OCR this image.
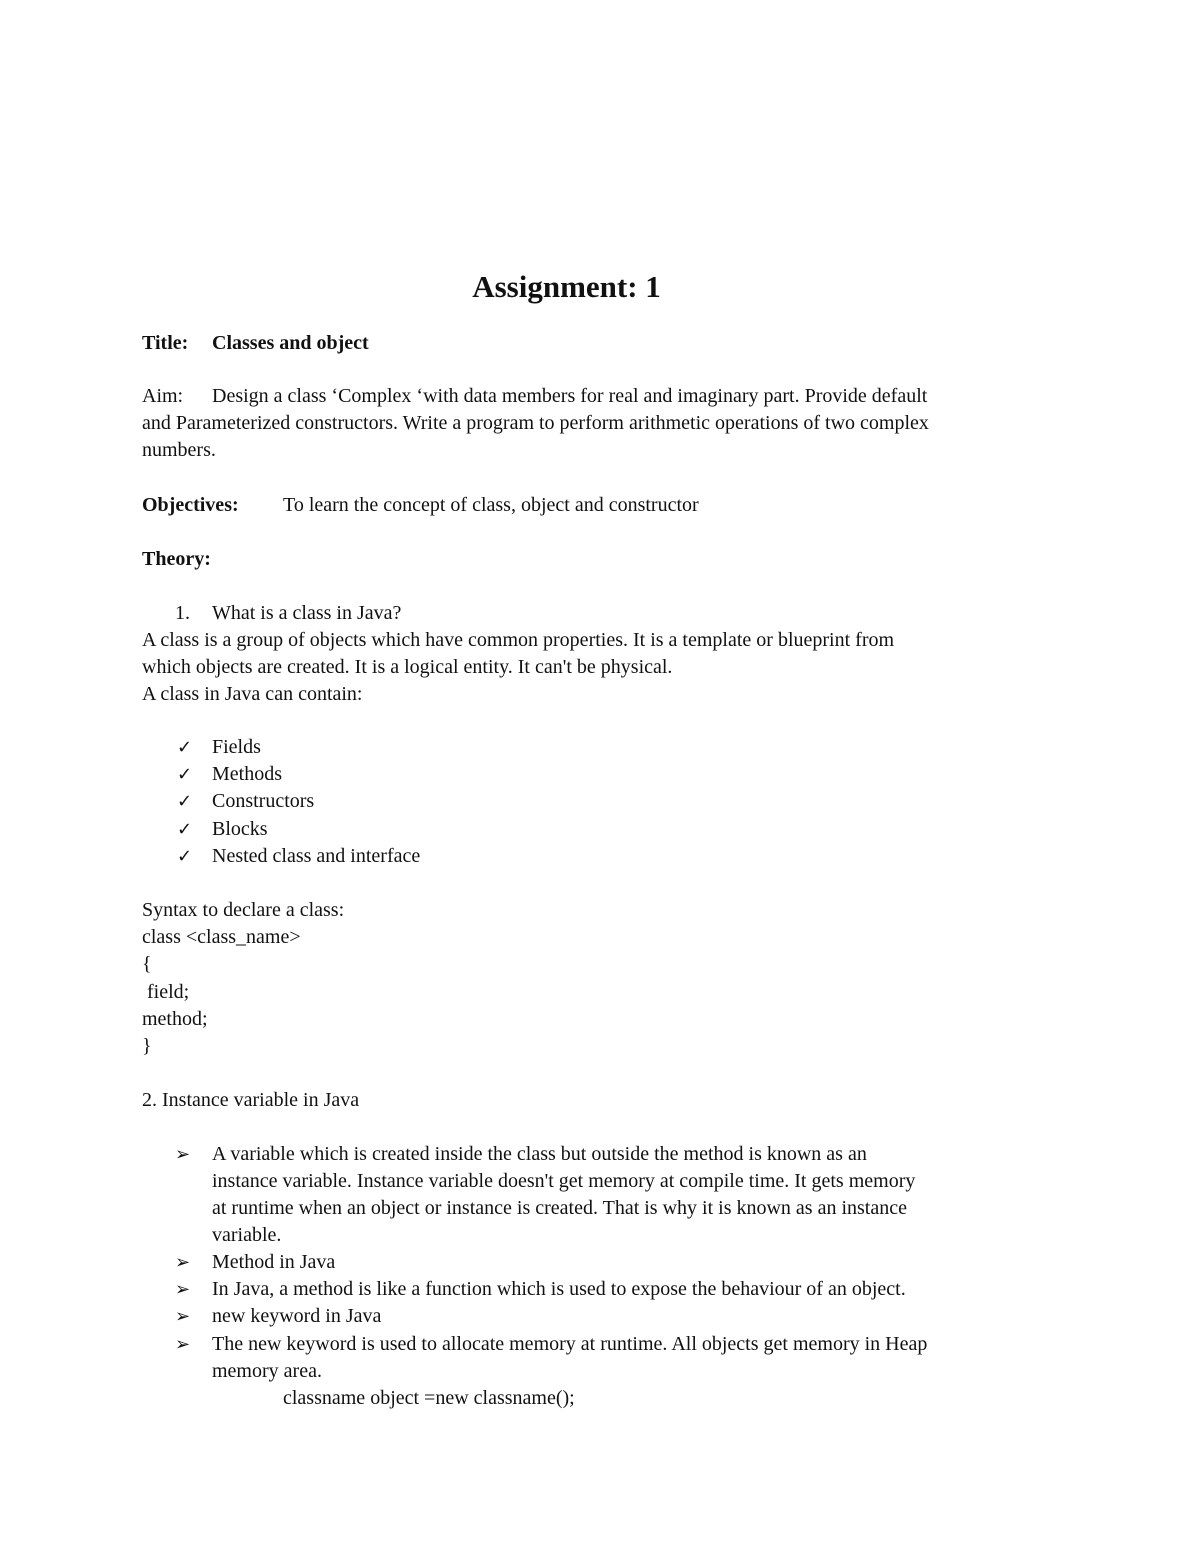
Assignment: 1
Title: Classes and object
Aim: Design a class ‘Complex ‘with data members for real and imaginary part. Provide default
and Parameterized constructors. Write a program to perform arithmetic operations of two complex
numbers.
Objectives: To learn the concept of class, object and constructor
Theory:
1. What is a class in Java?
A class is a group of objects which have common properties. It is a template or blueprint from
which objects are created. It is a logical entity. It can't be physical.
A class in Java can contain:
✓ Fields
✓ Methods
✓ Constructors
✓ Blocks
✓ Nested class and interface
Syntax to declare a class:
class <class_name>
{
field;
method;
}
2. Instance variable in Java
➢ A variable which is created inside the class but outside the method is known as an
instance variable. Instance variable doesn't get memory at compile time. It gets memory
at runtime when an object or instance is created. That is why it is known as an instance
variable.
➢ Method in Java
➢ In Java, a method is like a function which is used to expose the behaviour of an object.
➢ new keyword in Java
➢ The new keyword is used to allocate memory at runtime. All objects get memory in Heap
memory area.
classname object =new classname();
